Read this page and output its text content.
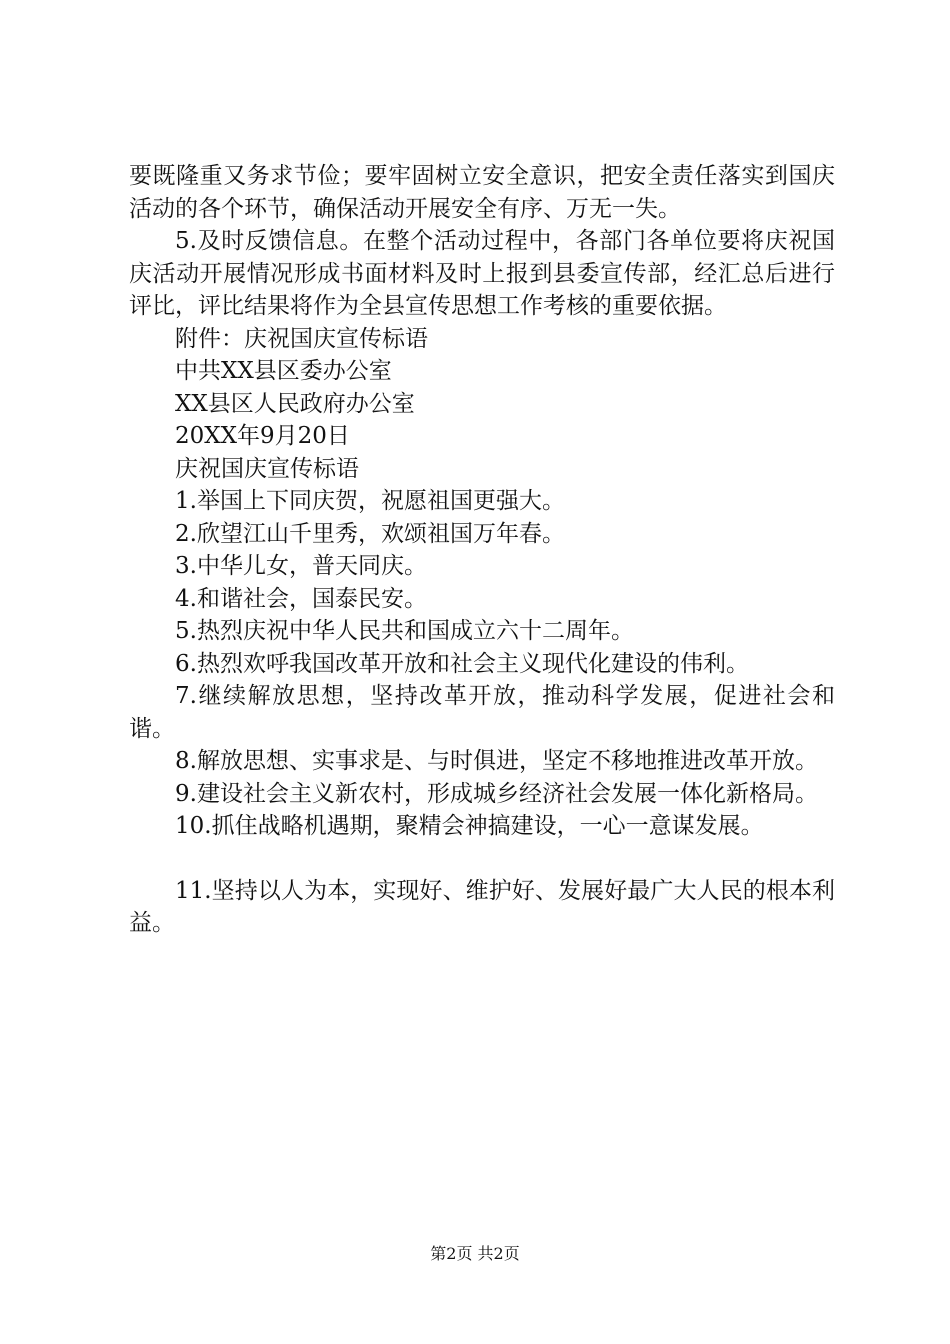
要既隆重又务求节俭；要牢固树立安全意识，把安全责任落实到国庆活动的各个环节，确保活动开展安全有序、万无一失。

5.及时反馈信息。在整个活动过程中，各部门各单位要将庆祝国庆活动开展情况形成书面材料及时上报到县委宣传部，经汇总后进行评比，评比结果将作为全县宣传思想工作考核的重要依据。

附件：庆祝国庆宣传标语

中共XX县区委办公室

XX县区人民政府办公室

20XX年9月20日

庆祝国庆宣传标语

1.举国上下同庆贺，祝愿祖国更强大。

2.欣望江山千里秀，欢颂祖国万年春。

3.中华儿女，普天同庆。

4.和谐社会，国泰民安。

5.热烈庆祝中华人民共和国成立六十二周年。

6.热烈欢呼我国改革开放和社会主义现代化建设的伟利。

7.继续解放思想，坚持改革开放，推动科学发展，促进社会和谐。

8.解放思想、实事求是、与时俱进，坚定不移地推进改革开放。

9.建设社会主义新农村，形成城乡经济社会发展一体化新格局。

10.抓住战略机遇期，聚精会神搞建设，一心一意谋发展。

11.坚持以人为本，实现好、维护好、发展好最广大人民的根本利益。

第2页 共2页
